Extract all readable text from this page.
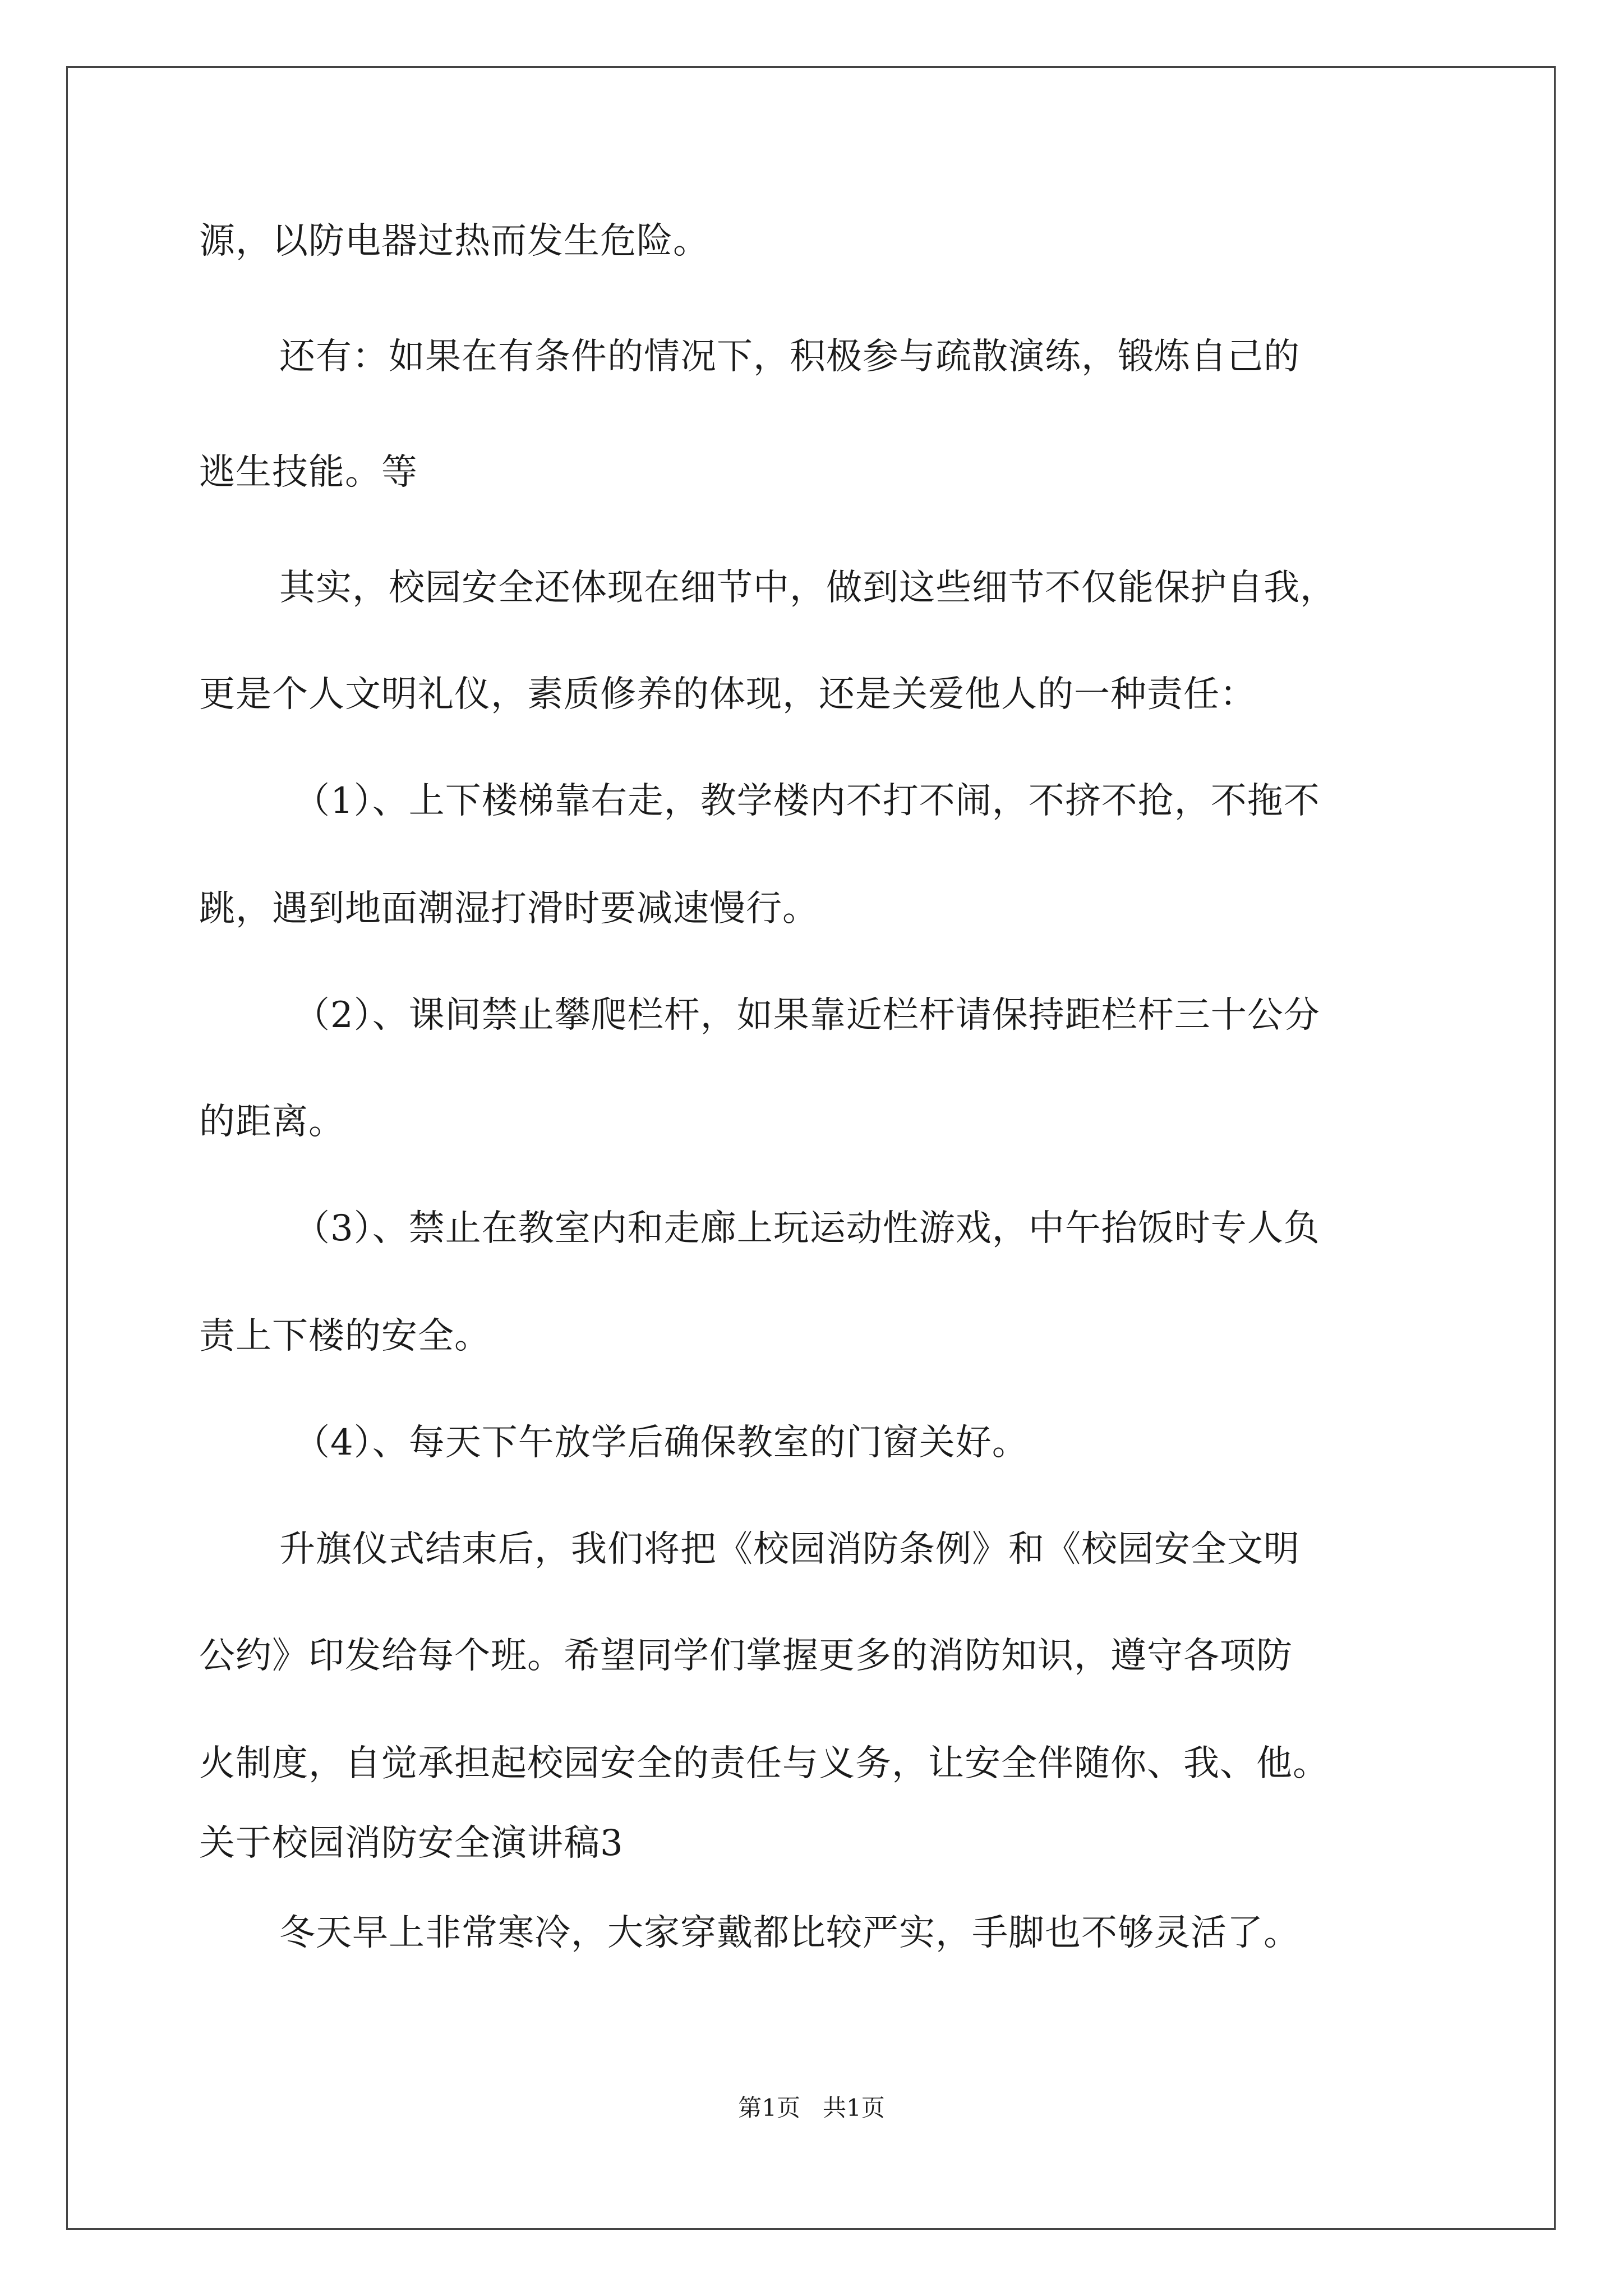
源，以防电器过热而发生危险。
还有：如果在有条件的情况下，积极参与疏散演练，锻炼自己的
逃生技能。等
其实，校园安全还体现在细节中，做到这些细节不仅能保护自我，
更是个人文明礼仪，素质修养的体现，还是关爱他人的一种责任：
（1）、上下楼梯靠右走，教学楼内不打不闹，不挤不抢，不拖不
跳，遇到地面潮湿打滑时要减速慢行。
（2）、课间禁止攀爬栏杆，如果靠近栏杆请保持距栏杆三十公分
的距离。
（3）、禁止在教室内和走廊上玩运动性游戏，中午抬饭时专人负
责上下楼的安全。
（4）、每天下午放学后确保教室的门窗关好。
升旗仪式结束后，我们将把《校园消防条例》和《校园安全文明
公约》印发给每个班。希望同学们掌握更多的消防知识，遵守各项防
火制度，自觉承担起校园安全的责任与义务，让安全伴随你、我、他。
关于校园消防安全演讲稿3
冬天早上非常寒冷，大家穿戴都比较严实，手脚也不够灵活了。
第1页   共1页
